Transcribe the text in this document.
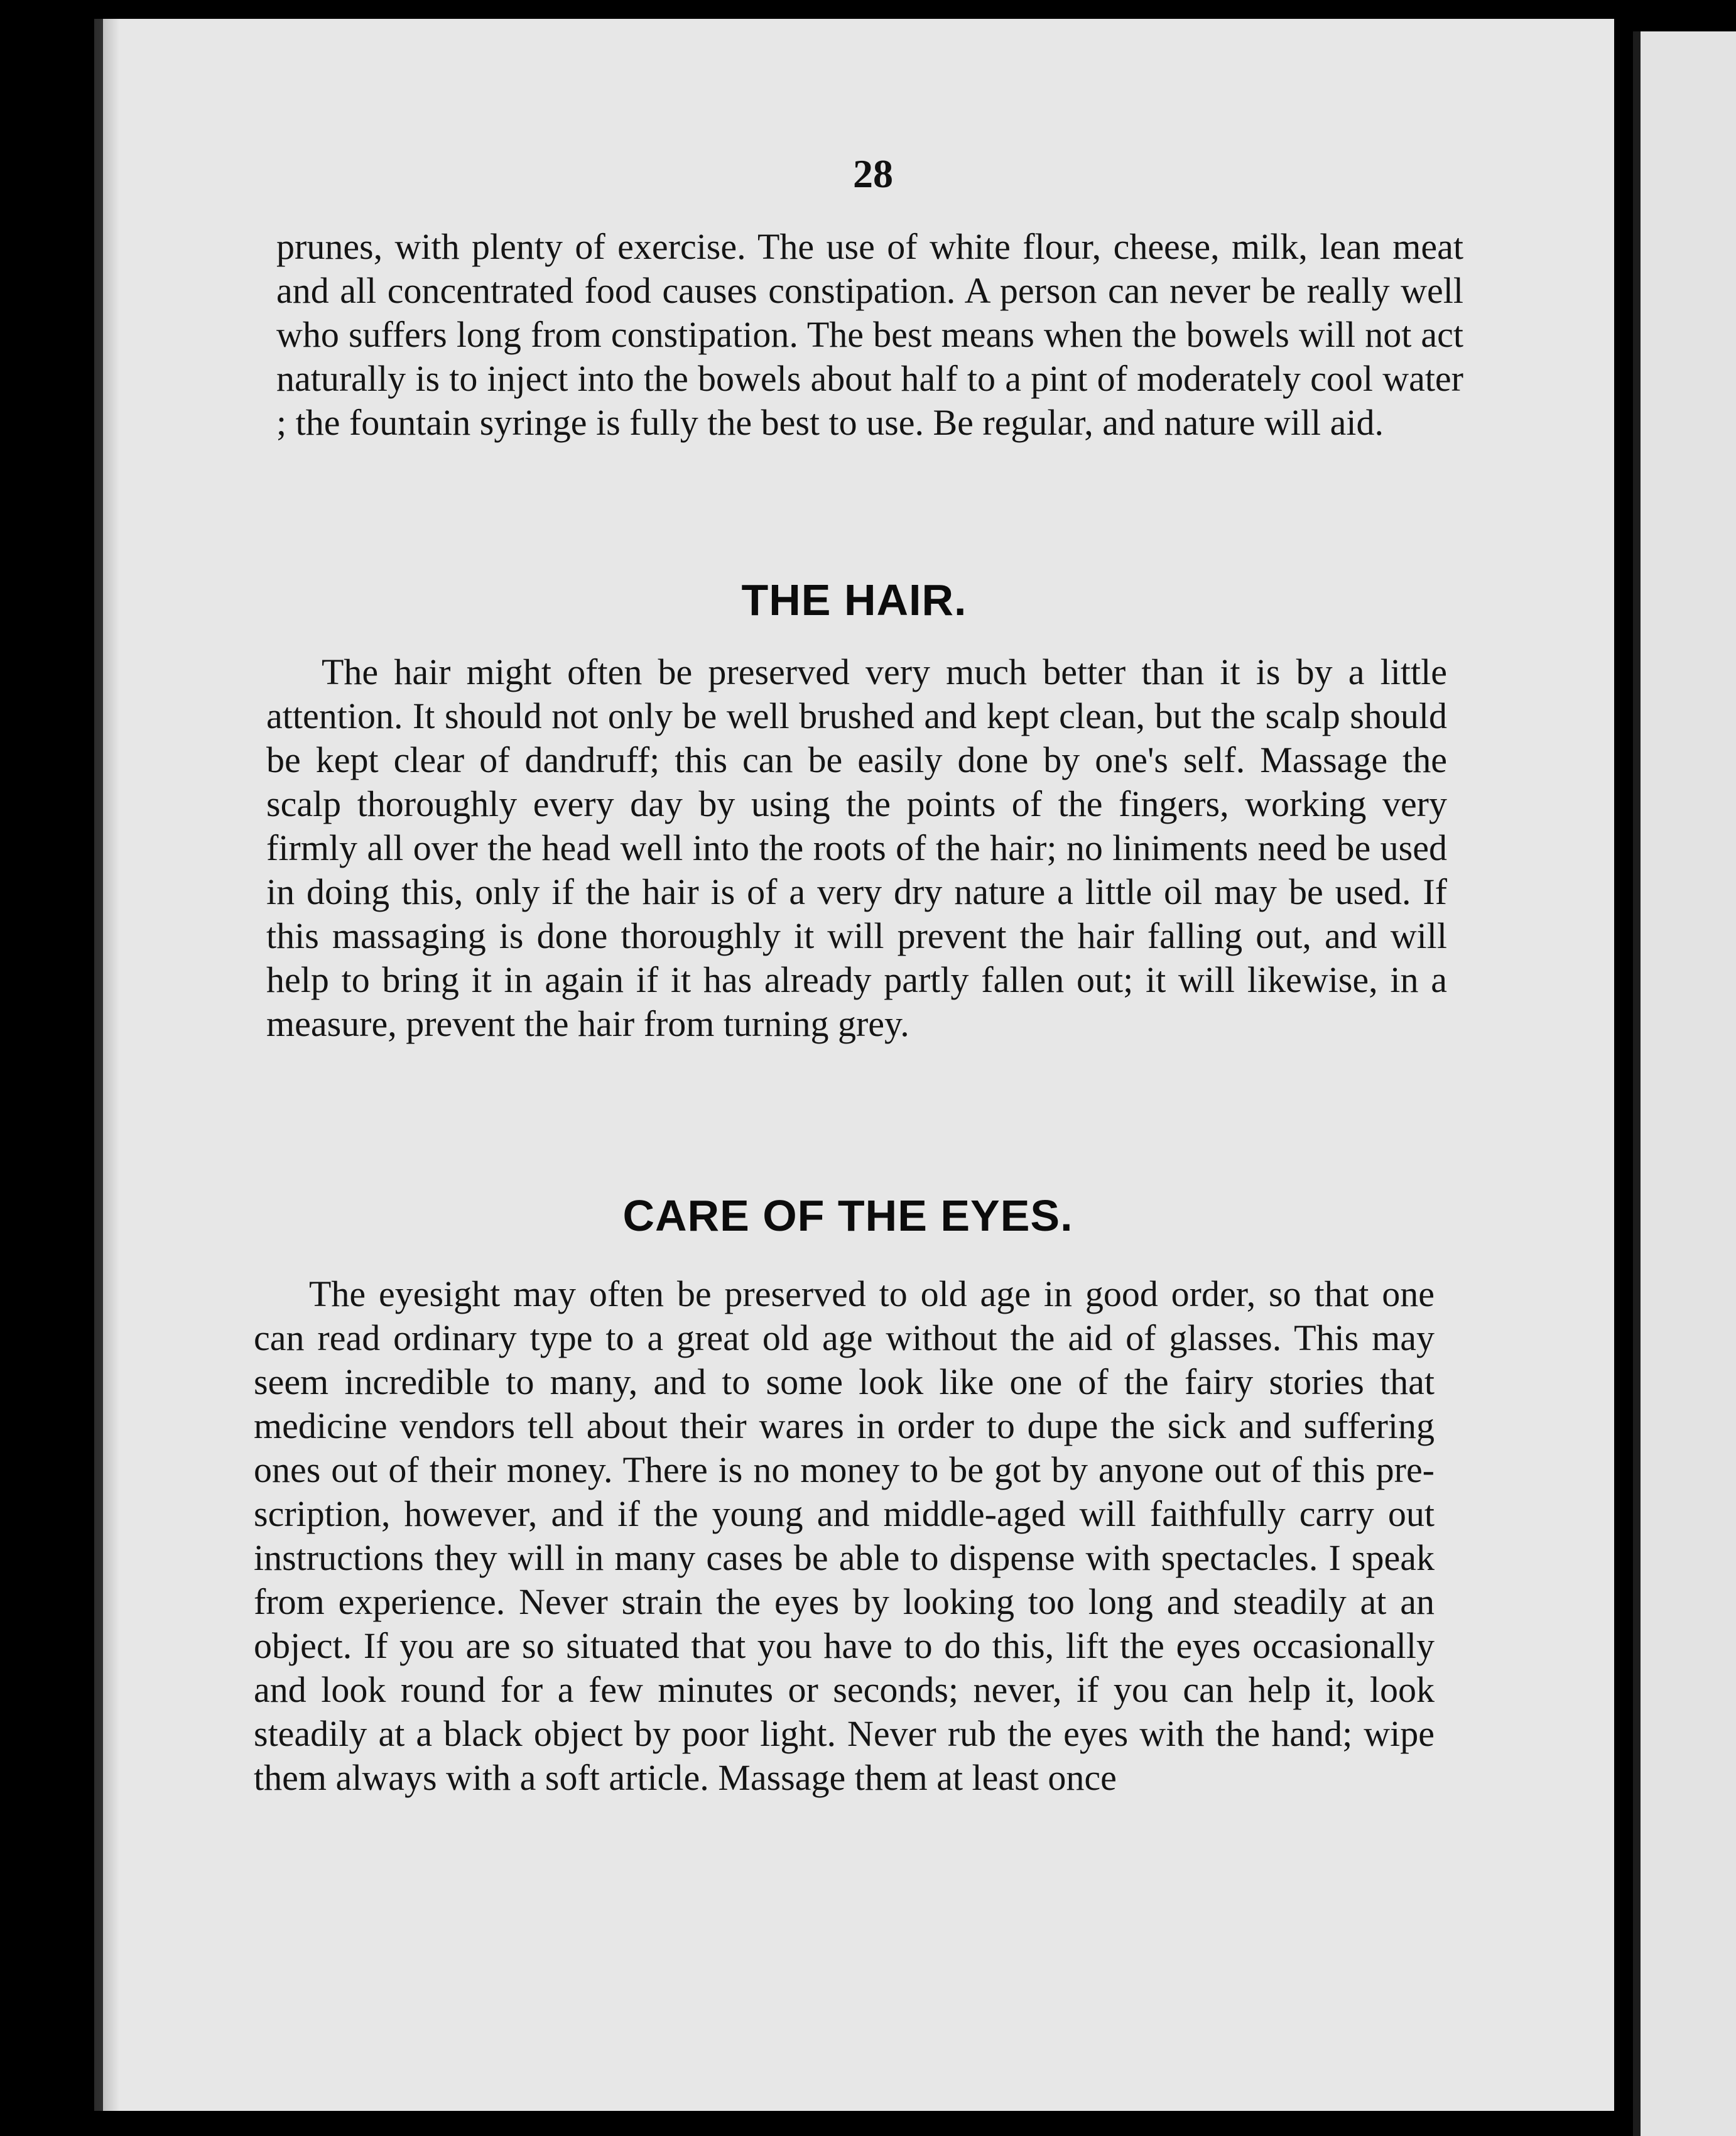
28

prunes, with plenty of exercise. The use of white flour, cheese, milk, lean meat and all concentrated food causes constipation. A person can never be really well who suffers long from constipation. The best means when the bowels will not act naturally is to inject into the bowels about half to a pint of moderately cool water ; the fountain syringe is fully the best to use. Be regular, and nature will aid.

THE HAIR.

The hair might often be preserved very much better than it is by a little attention. It should not only be well brushed and kept clean, but the scalp should be kept clear of dandruff; this can be easily done by one's self. Massage the scalp thoroughly every day by using the points of the fingers, working very firmly all over the head well into the roots of the hair; no liniments need be used in doing this, only if the hair is of a very dry nature a little oil may be used. If this massaging is done thoroughly it will prevent the hair falling out, and will help to bring it in again if it has already partly fallen out; it will likewise, in a measure, prevent the hair from turning grey.

CARE OF THE EYES.

The eyesight may often be preserved to old age in good order, so that one can read ordinary type to a great old age without the aid of glasses. This may seem incredible to many, and to some look like one of the fairy stories that medicine vendors tell about their wares in order to dupe the sick and suffering ones out of their money. There is no money to be got by anyone out of this pre-scription, however, and if the young and middle-aged will faithfully carry out instructions they will in many cases be able to dispense with spectacles. I speak from experience. Never strain the eyes by looking too long and steadily at an object. If you are so situated that you have to do this, lift the eyes occasionally and look round for a few minutes or seconds; never, if you can help it, look steadily at a black object by poor light. Never rub the eyes with the hand; wipe them always with a soft article. Massage them at least once
